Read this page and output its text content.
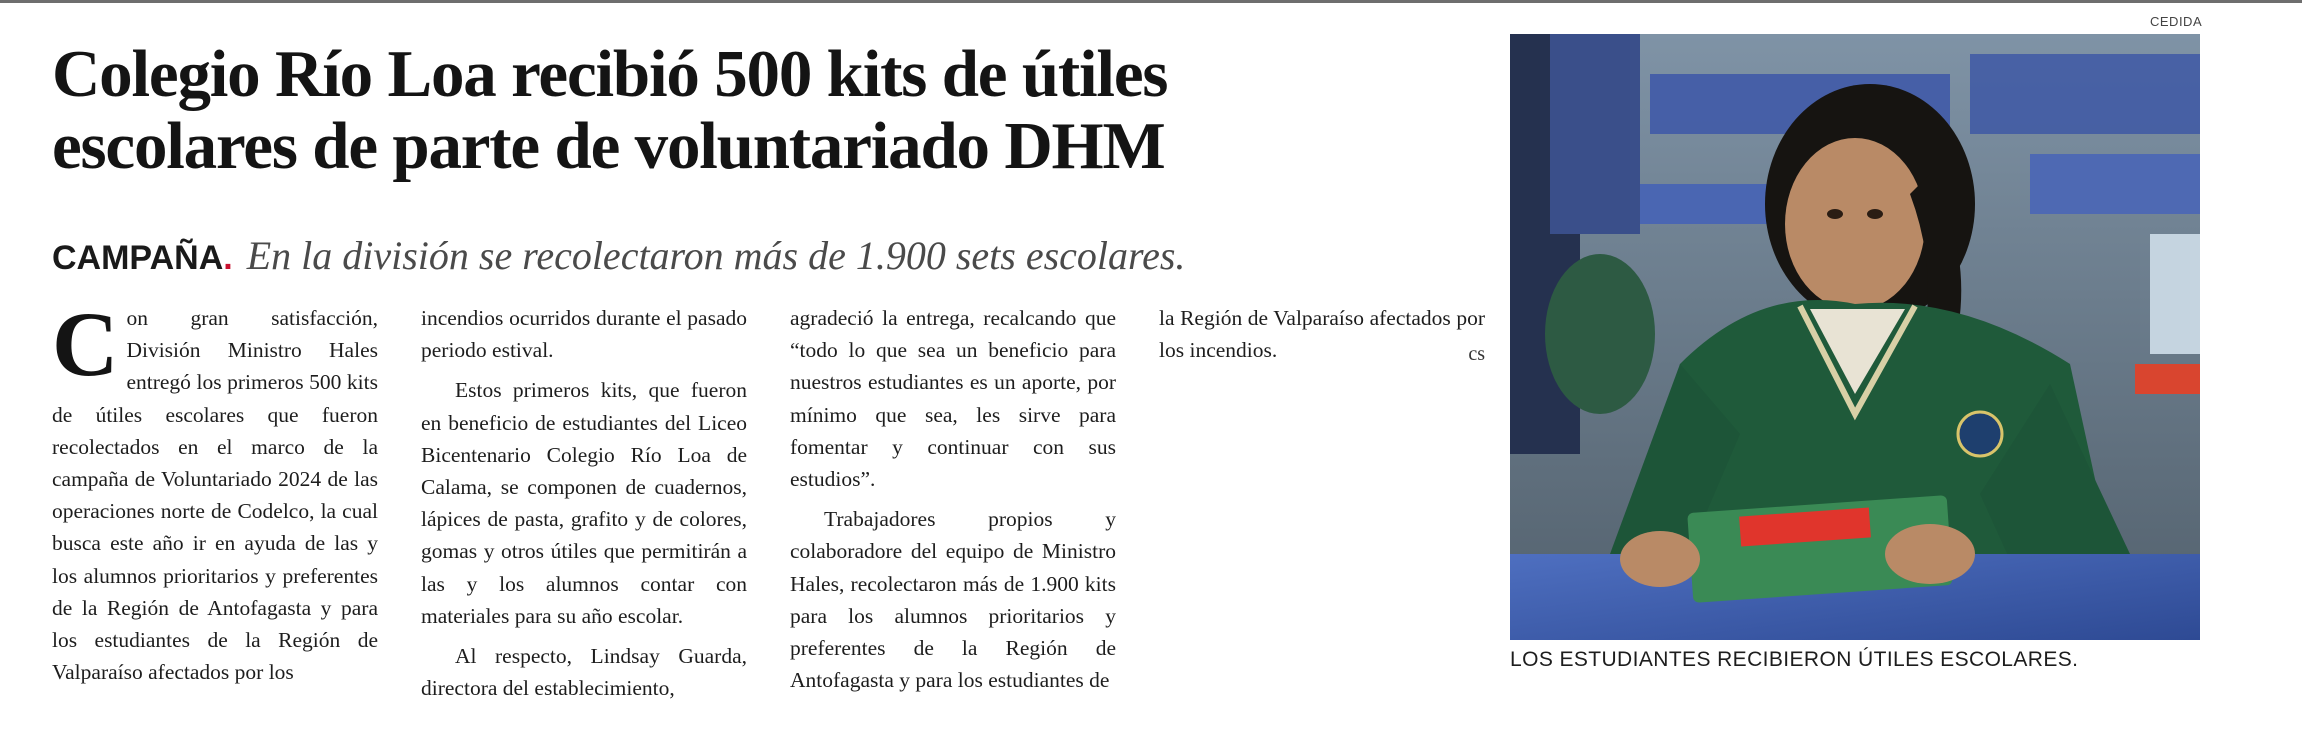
Colegio Río Loa recibió 500 kits de útiles
escolares de parte de voluntariado DHM
CAMPAÑA. En la división se recolectaron más de 1.900 sets escolares.

Con gran satisfacción, División Ministro Hales entregó los primeros 500 kits de útiles escolares que fueron recolectados en el marco de la campaña de Voluntariado 2024 de las operaciones norte de Codelco, la cual busca este año ir en ayuda de las y los alumnos prioritarios y preferentes de la Región de Antofagasta y para los estudiantes de la Región de Valparaíso afectados por los

incendios ocurridos durante el pasado periodo estival.

Estos primeros kits, que fueron en beneficio de estudiantes del Liceo Bicentenario Colegio Río Loa de Calama, se componen de cuadernos, lápices de pasta, grafito y de colores, gomas y otros útiles que permitirán a las y los alumnos contar con materiales para su año escolar.

Al respecto, Lindsay Guarda, directora del establecimiento,

agradeció la entrega, recalcando que “todo lo que sea un beneficio para nuestros estudiantes es un aporte, por mínimo que sea, les sirve para fomentar y continuar con sus estudios”.

Trabajadores propios y colaboradore del equipo de Ministro Hales, recolectaron más de 1.900 kits para los alumnos prioritarios y preferentes de la Región de Antofagasta y para los estudiantes de

la Región de Valparaíso afectados por los incendios.	cs

CEDIDA
LOS ESTUDIANTES RECIBIERON ÚTILES ESCOLARES.
